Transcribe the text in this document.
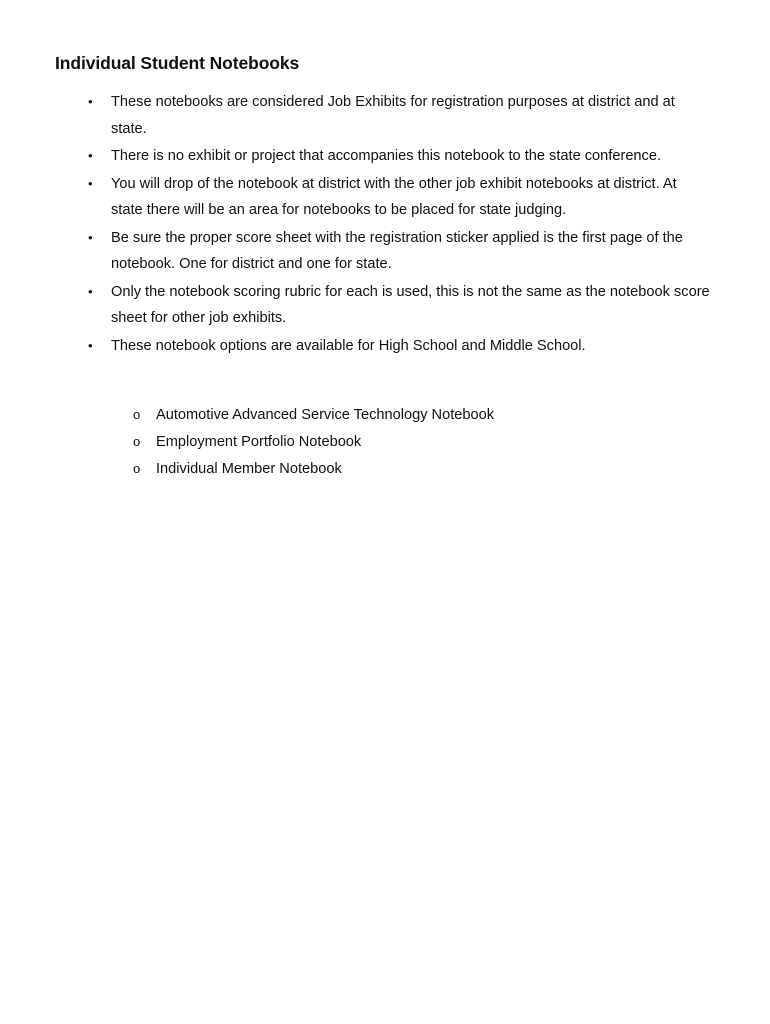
Individual Student Notebooks
• These notebooks are considered Job Exhibits for registration purposes at district and at state.
• There is no exhibit or project that accompanies this notebook to the state conference.
• You will drop of the notebook at district with the other job exhibit notebooks at district. At state there will be an area for notebooks to be placed for state judging.
• Be sure the proper score sheet with the registration sticker applied is the first page of the notebook. One for district and one for state.
• Only the notebook scoring rubric for each is used, this is not the same as the notebook score sheet for other job exhibits.
• These notebook options are available for High School and Middle School.
o Automotive Advanced Service Technology Notebook
o Employment Portfolio Notebook
o Individual Member Notebook
